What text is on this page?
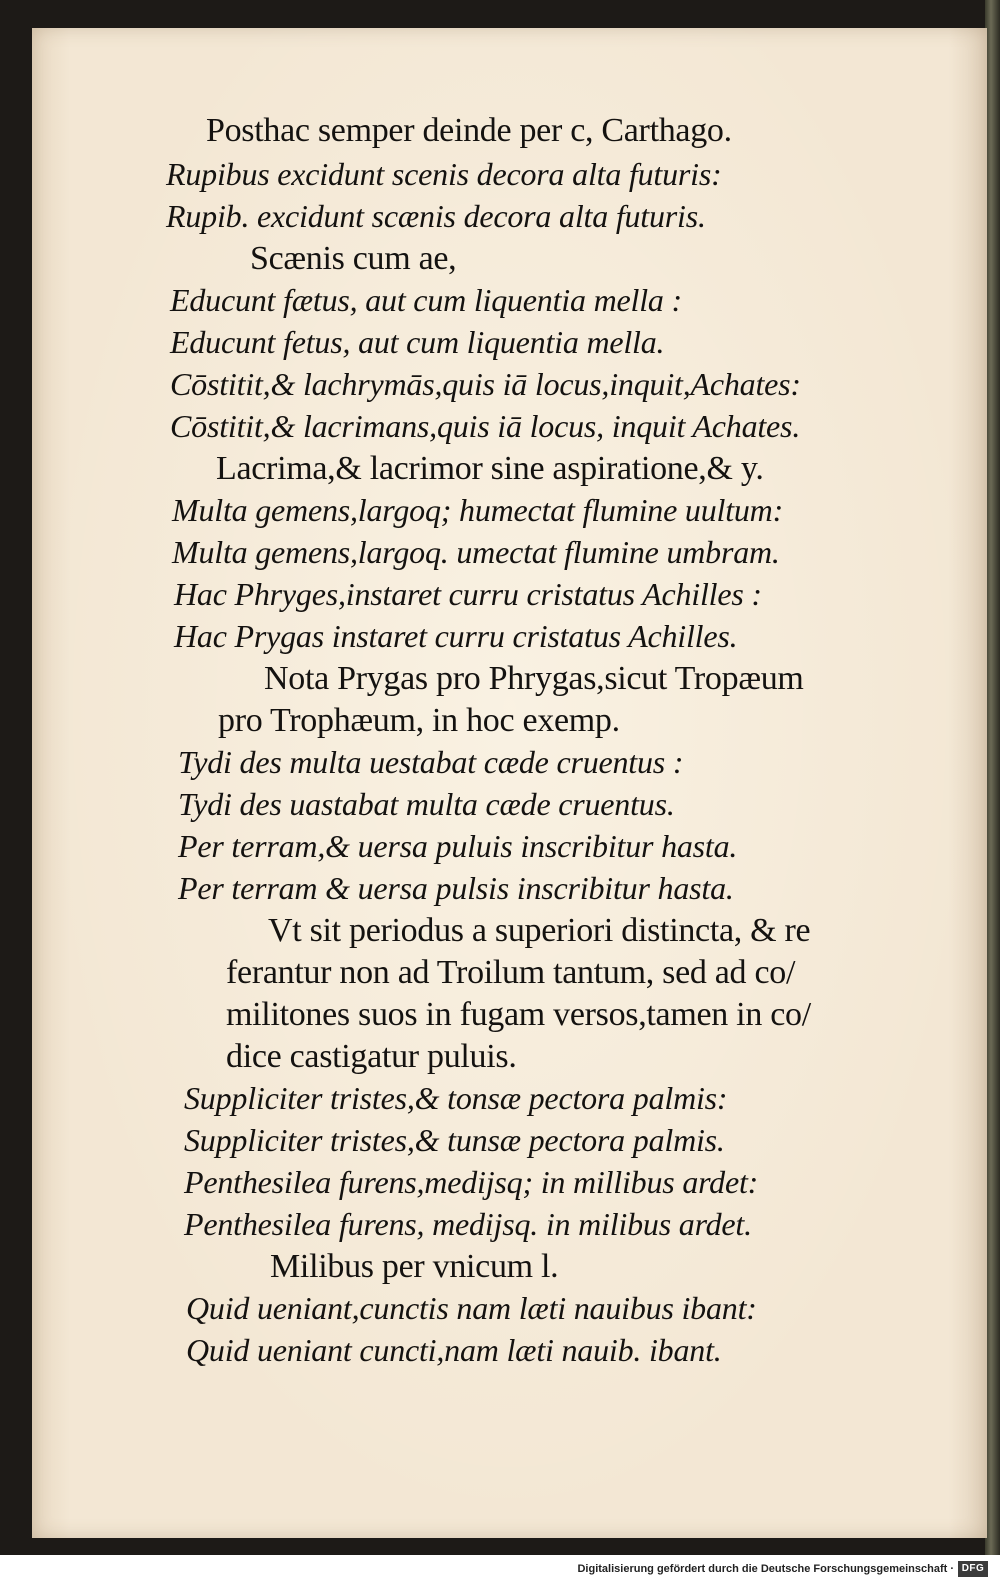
Posthac semper deinde per c, Carthago.
Rupibus excidunt scenis decora alta futuris:
Rupib. excidunt scænis decora alta futuris.
Scænis cum ae,
Educunt fætus, aut cum liquentia mella :
Educunt fetus, aut cum liquentia mella.
Cōstitit,& lachrymās,quis iā locus,inquit,Achates:
Cōstitit,& lacrimans,quis iā locus, inquit Achates.
Lacrima,& lacrimor sine aspiratione,& y.
Multa gemens,largoq; humectat flumine uultum:
Multa gemens,largoq. umectat flumine umbram.
Hac Phryges,instaret curru cristatus Achilles :
Hac Prygas instaret curru cristatus Achilles.
Nota Prygas pro Phrygas,sicut Tropæum
pro Trophæum, in hoc exemp.
Tydi des multa uestabat cæde cruentus :
Tydi des uastabat multa cæde cruentus.
Per terram,& uersa puluis inscribitur hasta.
Per terram & uersa pulsis inscribitur hasta.
Vt sit periodus a superiori distincta, & re
ferantur non ad Troilum tantum, sed ad co/
militones suos in fugam versos,tamen in co/
dice castigatur puluis.
Suppliciter tristes,& tonsæ pectora palmis:
Suppliciter tristes,& tunsæ pectora palmis.
Penthesilea furens,medijsq; in millibus ardet:
Penthesilea furens, medijsq. in milibus ardet.
Milibus per vnicum l.
Quid ueniant,cunctis nam læti nauibus ibant:
Quid ueniant cuncti,nam læti nauib. ibant.
Digitalisierung gefördert durch die Deutsche Forschungsgemeinschaft · DFG
